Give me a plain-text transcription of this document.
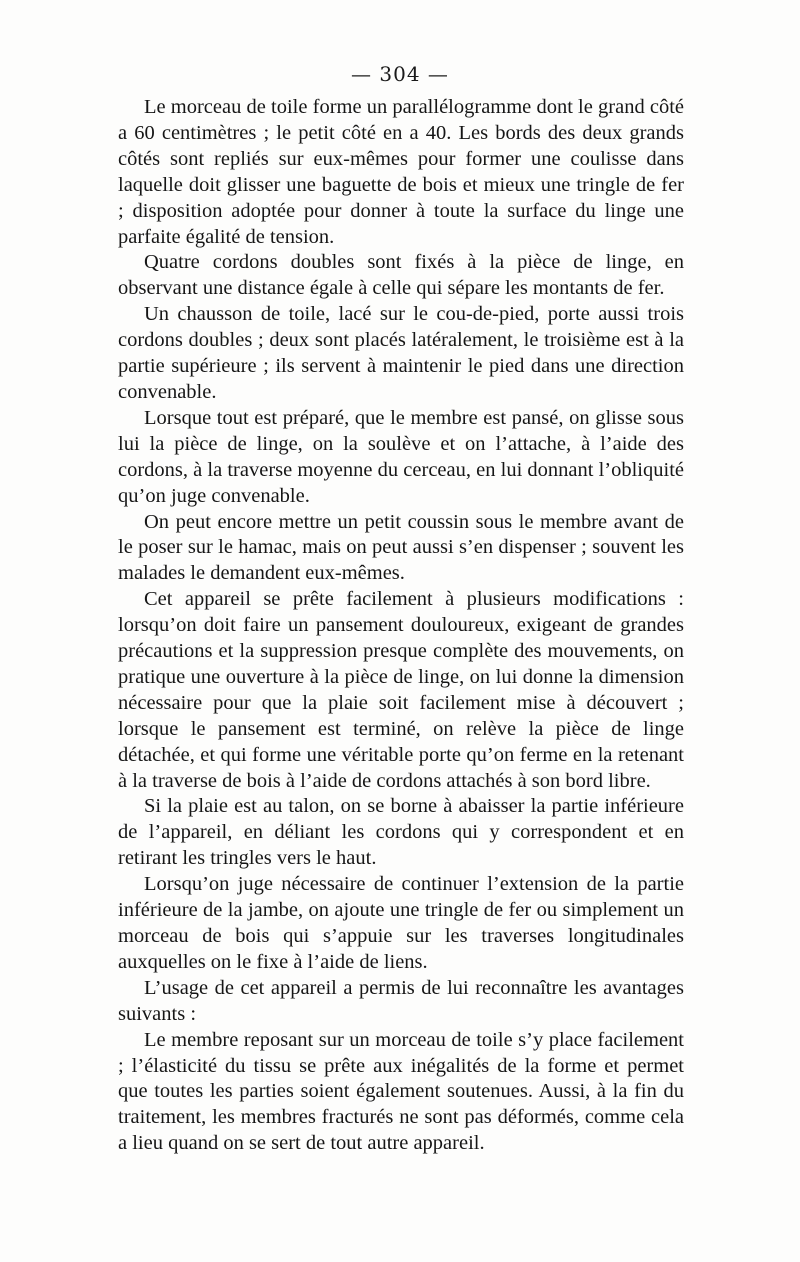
— 304 —

Le morceau de toile forme un parallélogramme dont le grand côté a 60 centimètres ; le petit côté en a 40. Les bords des deux grands côtés sont repliés sur eux-mêmes pour former une coulisse dans laquelle doit glisser une baguette de bois et mieux une tringle de fer ; disposition adoptée pour donner à toute la surface du linge une parfaite égalité de tension.

Quatre cordons doubles sont fixés à la pièce de linge, en observant une distance égale à celle qui sépare les montants de fer.

Un chausson de toile, lacé sur le cou-de-pied, porte aussi trois cordons doubles ; deux sont placés latéralement, le troisième est à la partie supérieure ; ils servent à maintenir le pied dans une direction convenable.

Lorsque tout est préparé, que le membre est pansé, on glisse sous lui la pièce de linge, on la soulève et on l’attache, à l’aide des cordons, à la traverse moyenne du cerceau, en lui donnant l’obliquité qu’on juge convenable.

On peut encore mettre un petit coussin sous le membre avant de le poser sur le hamac, mais on peut aussi s’en dispenser ; souvent les malades le demandent eux-mêmes.

Cet appareil se prête facilement à plusieurs modifications : lorsqu’on doit faire un pansement douloureux, exigeant de grandes précautions et la suppression presque complète des mouvements, on pratique une ouverture à la pièce de linge, on lui donne la dimension nécessaire pour que la plaie soit facilement mise à découvert ; lorsque le pansement est terminé, on relève la pièce de linge détachée, et qui forme une véritable porte qu’on ferme en la retenant à la traverse de bois à l’aide de cordons attachés à son bord libre.

Si la plaie est au talon, on se borne à abaisser la partie inférieure de l’appareil, en déliant les cordons qui y correspondent et en retirant les tringles vers le haut.

Lorsqu’on juge nécessaire de continuer l’extension de la partie inférieure de la jambe, on ajoute une tringle de fer ou simplement un morceau de bois qui s’appuie sur les traverses longitudinales auxquelles on le fixe à l’aide de liens.

L’usage de cet appareil a permis de lui reconnaître les avantages suivants :

Le membre reposant sur un morceau de toile s’y place facilement ; l’élasticité du tissu se prête aux inégalités de la forme et permet que toutes les parties soient également soutenues. Aussi, à la fin du traitement, les membres fracturés ne sont pas déformés, comme cela a lieu quand on se sert de tout autre appareil.
